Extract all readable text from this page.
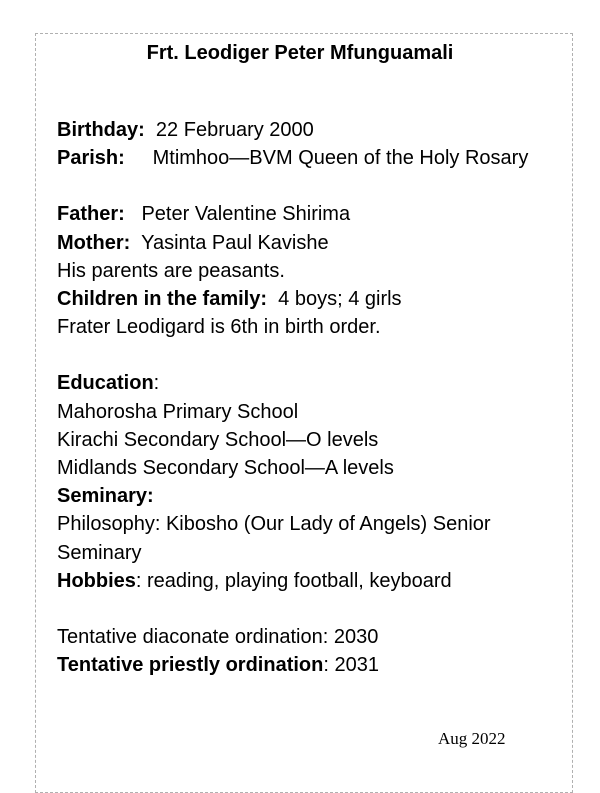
Frt. Leodiger Peter Mfunguamali
Birthday: 22 February 2000
Parish: Mtimhoo—BVM Queen of the Holy Rosary
Father: Peter Valentine Shirima
Mother: Yasinta Paul Kavishe
His parents are peasants.
Children in the family: 4 boys; 4 girls
Frater Leodigard is 6th in birth order.
Education:
Mahorosha Primary School
Kirachi Secondary School—O levels
Midlands Secondary School—A levels
Seminary:
Philosophy: Kibosho (Our Lady of Angels) Senior Seminary
Hobbies: reading, playing football, keyboard
Tentative diaconate ordination: 2030
Tentative priestly ordination: 2031
Aug 2022
